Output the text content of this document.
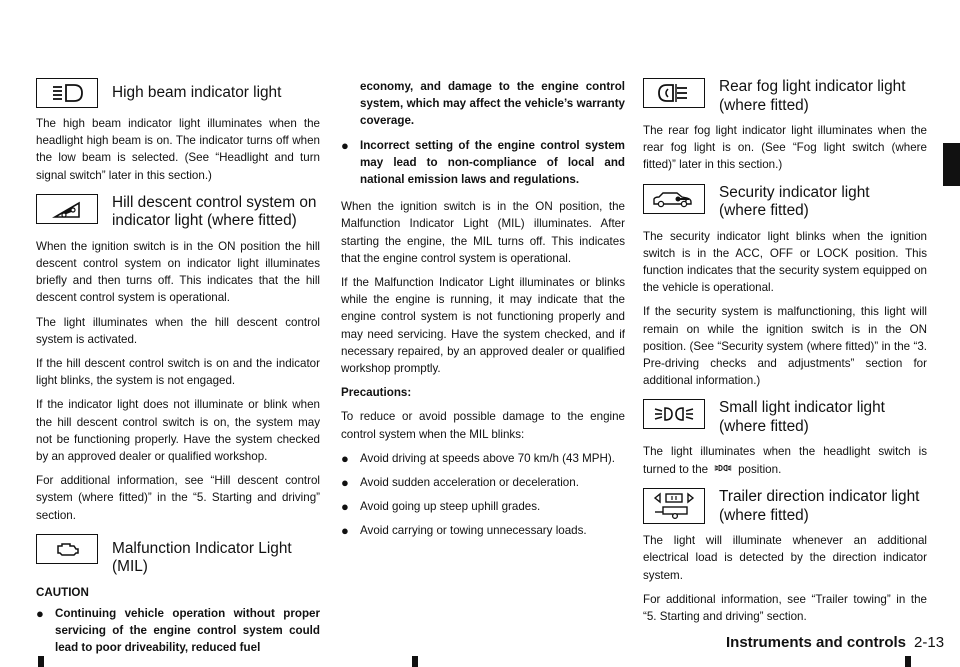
High beam indicator light

The high beam indicator light illuminates when the headlight high beam is on. The indicator turns off when the low beam is selected. (See “Headlight and turn signal switch” later in this section.)

Hill descent control system on
indicator light (where fitted)

When the ignition switch is in the ON position the hill descent control system on indicator light illuminates briefly and then turns off. This indicates that the hill descent control system is operational.

The light illuminates when the hill descent control system is activated.

If the hill descent control switch is on and the indicator light blinks, the system is not engaged.

If the indicator light does not illuminate or blink when the hill descent control switch is on, the system may not be functioning properly. Have the system checked by an approved dealer or qualified workshop.

For additional information, see “Hill descent control system (where fitted)” in the “5. Starting and driving” section.

Malfunction Indicator Light (MIL)
CAUTION
● Continuing vehicle operation without proper servicing of the engine control system could lead to poor driveability, reduced fuel
economy, and damage to the engine control system, which may affect the vehicle’s warranty coverage.
● Incorrect setting of the engine control system may lead to non-compliance of local and national emission laws and regulations.

When the ignition switch is in the ON position, the Malfunction Indicator Light (MIL) illuminates. After starting the engine, the MIL turns off. This indicates that the engine control system is operational.

If the Malfunction Indicator Light illuminates or blinks while the engine is running, it may indicate that the engine control system is not functioning properly and may need servicing. Have the system checked, and if necessary repaired, by an approved dealer or qualified workshop promptly.

Precautions:

To reduce or avoid possible damage to the engine control system when the MIL blinks:

● Avoid driving at speeds above 70 km/h (43 MPH).
● Avoid sudden acceleration or deceleration.
● Avoid going up steep uphill grades.
● Avoid carrying or towing unnecessary loads.
Rear fog light indicator light
(where fitted)

The rear fog light indicator light illuminates when the rear fog light is on. (See “Fog light switch (where fitted)” later in this section.)

Security indicator light
(where fitted)

The security indicator light blinks when the ignition switch is in the ACC, OFF or LOCK position. This function indicates that the security system equipped on the vehicle is operational.

If the security system is malfunctioning, this light will remain on while the ignition switch is in the ON position. (See “Security system (where fitted)” in the “3. Pre-driving checks and adjustments” section for additional information.)

Small light indicator light
(where fitted)

The light illuminates when the headlight switch is turned to the	position.

Trailer direction indicator light
(where fitted)

The light will illuminate whenever an additional electrical load is detected by the direction indicator system.

For additional information, see “Trailer towing” in the “5. Starting and driving” section.

Instruments and controls 2-13
